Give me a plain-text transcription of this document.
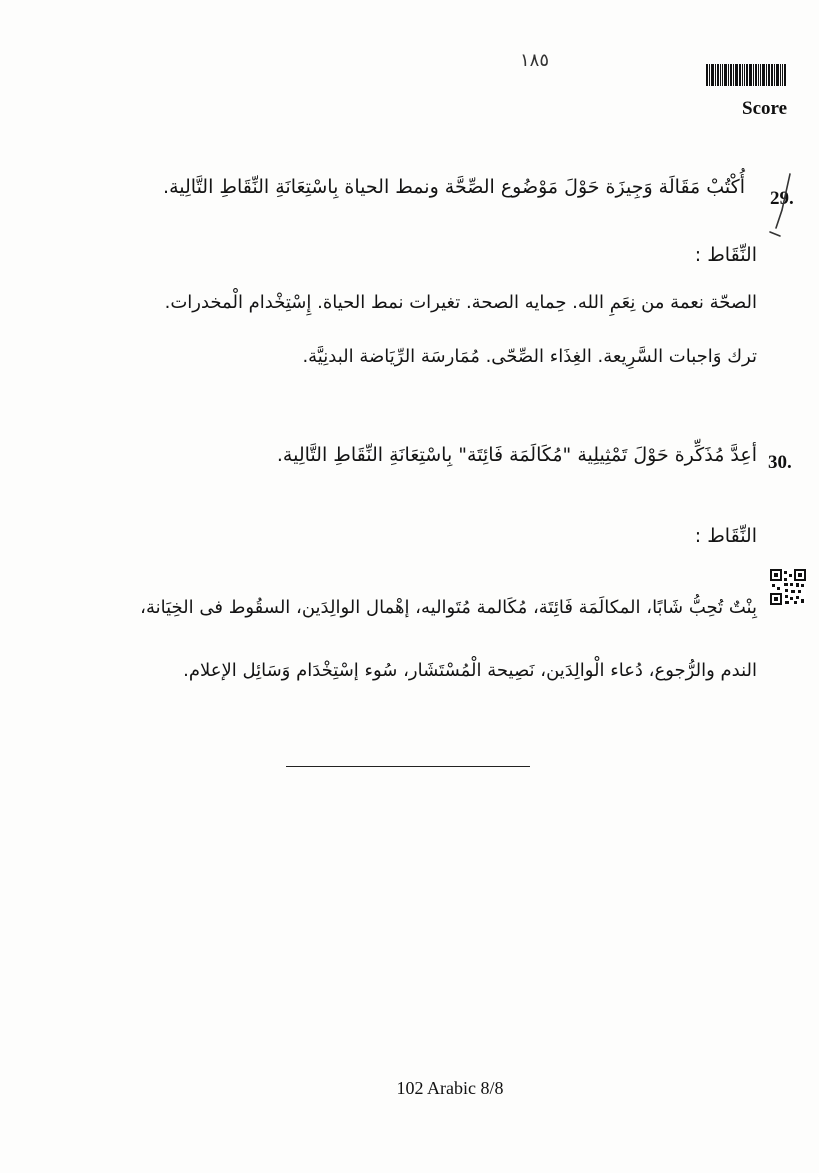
١٨٥
Score
29.
أُكْتُبْ مَقَالَة وَجِيزَة حَوْلَ مَوْضُوع الصِّحَّة ونمط الحياة بِاسْتِعَانَةِ النِّقَاطِ التَّالِية.
النِّقَاط :
الصحّة نعمة من نِعَمِ الله. حِمايه الصحة. تغيرات نمط الحياة. إِسْتِخْدام الْمخدرات.
ترك وَاجبات السَّرِيعة. الغِذَاء الصِّحّى. مُمَارسَة الرِّيَاضة البدنِيَّة.
30.
أعِدَّ مُذَكِّرة حَوْلَ تَمْثِيلِية "مُكَالَمَة فَائِتَة" بِاسْتِعَانَةِ النِّقَاطِ التَّالِية.
النِّقَاط :
بِنْتٌ تُحِبُّ شَابًا، المكالَمَة فَائِتَة، مُكَالمة مُتَواليه، إهْمال الوالِدَين، السقُوط فى الخِيَانة،
الندم والرُّجوع، دُعاء الْوالِدَين، نَصِيحة الْمُسْتَشَار، سُوء إسْتِخْدَام وَسَائِل الإعلام.
102 Arabic 8/8
